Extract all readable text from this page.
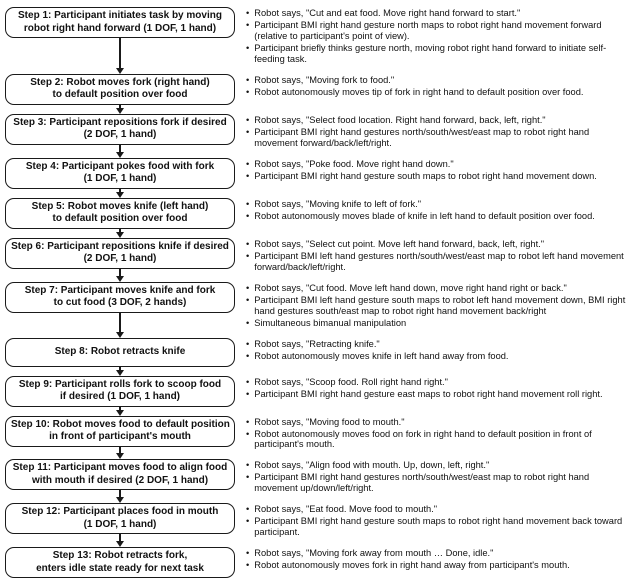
Step 1: Participant initiates task by moving
robot right hand forward (1 DOF, 1 hand)
• Robot says, "Cut and eat food. Move right hand forward to start."
• Participant BMI right hand gesture north maps to robot right hand movement forward (relative to participant's point of view).
• Participant briefly thinks gesture north, moving robot right hand forward to initiate self-feeding task.
Step 2: Robot moves fork (right hand)
to default position over food
• Robot says, "Moving fork to food."
• Robot autonomously moves tip of fork in right hand to default position over food.
Step 3: Participant repositions fork if desired
(2 DOF, 1 hand)
• Robot says, "Select food location. Right hand forward, back, left, right."
• Participant BMI right hand gestures north/south/west/east map to robot right hand movement forward/back/left/right.
Step 4: Participant pokes food with fork
(1 DOF, 1 hand)
• Robot says, "Poke food. Move right hand down."
• Participant BMI right hand gesture south maps to robot right hand movement down.
Step 5: Robot moves knife (left hand)
to default position over food
• Robot says, "Moving knife to left of fork."
• Robot autonomously moves blade of knife in left hand to default position over food.
Step 6: Participant repositions knife if desired
(2 DOF, 1 hand)
• Robot says, "Select cut point. Move left hand forward, back, left, right."
• Participant BMI left hand gestures north/south/west/east map to robot left hand movement forward/back/left/right.
Step 7: Participant moves knife and fork
to cut food (3 DOF, 2 hands)
• Robot says, "Cut food. Move left hand down, move right hand right or back."
• Participant BMI left hand gesture south maps to robot left hand movement down, BMI right hand gestures south/east map to robot right hand movement back/right
• Simultaneous bimanual manipulation
Step 8: Robot retracts knife
• Robot says, "Retracting knife."
• Robot autonomously moves knife in left hand away from food.
Step 9: Participant rolls fork to scoop food
if desired (1 DOF, 1 hand)
• Robot says, "Scoop food. Roll right hand right."
• Participant BMI right hand gesture east maps to robot right hand movement roll right.
Step 10: Robot moves food to default position
in front of participant's mouth
• Robot says, "Moving food to mouth."
• Robot autonomously moves food on fork in right hand to default position in front of participant's mouth.
Step 11: Participant moves food to align food
with mouth if desired (2 DOF, 1 hand)
• Robot says, "Align food with mouth. Up, down, left, right."
• Participant BMI right hand gestures north/south/west/east map to robot right hand movement up/down/left/right.
Step 12: Participant places food in mouth
(1 DOF, 1 hand)
• Robot says, "Eat food. Move food to mouth."
• Participant BMI right hand gesture south maps to robot right hand movement back toward participant.
Step 13: Robot retracts fork,
enters idle state ready for next task
• Robot says, "Moving fork away from mouth … Done, idle."
• Robot autonomously moves fork in right hand away from participant's mouth.
